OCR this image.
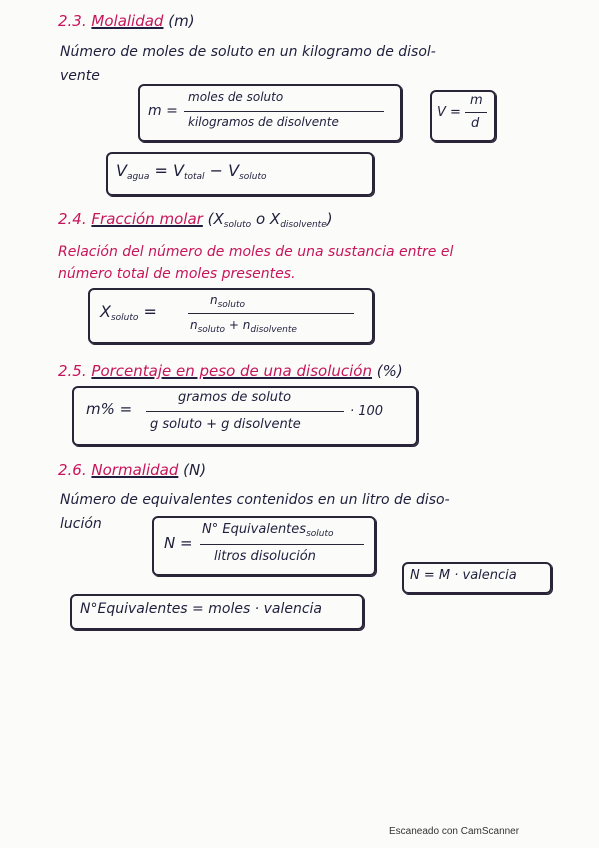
2.3. Molalidad (m)
Número de moles de soluto en un kilogramo de disol-
vente
m =
moles de soluto
kilogramos de disolvente
V =
m
d
$V_{agua} = V_{total} - V_{soluto}$
2.4. Fracción molar ($X_{soluto}$ o $X_{disolvente}$)
Relación del número de moles de una sustancia entre el
número total de moles presentes.
$X_{soluto}$ =
$n_{soluto}$
$n_{soluto} + n_{disolvente}$
2.5. Porcentaje en peso de una disolución (%)
m% =
gramos de soluto
g soluto + g disolvente
· 100
2.6. Normalidad (N)
Número de equivalentes contenidos en un litro de diso-
lución
N =
N° Equivalentes$_{soluto}$
litros disolución
N = M · valencia
N°Equivalentes = moles · valencia
Escaneado con CamScanner
